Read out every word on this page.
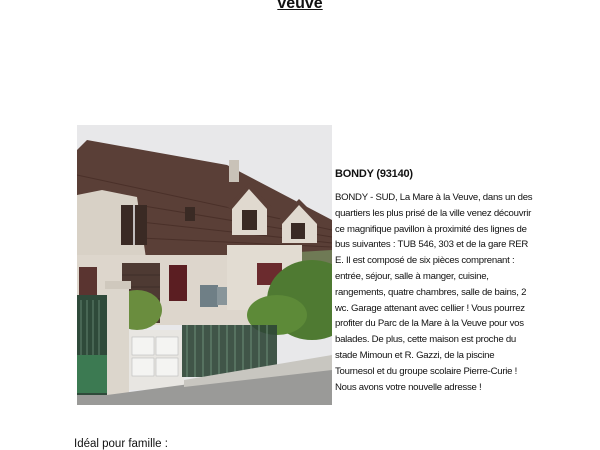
veuve
BONDY (93140)
BONDY - SUD, La Mare à la Veuve, dans un des quartiers les plus prisé de la ville venez découvrir ce magnifique pavillon à proximité des lignes de bus suivantes : TUB 546, 303 et de la gare RER E. Il est composé de six pièces comprenant : entrée, séjour, salle à manger, cuisine, rangements, quatre chambres, salle de bains, 2 wc. Garage attenant avec cellier ! Vous pourrez profiter du Parc de la Mare à la Veuve pour vos balades. De plus, cette maison est proche du stade Mimoun et R. Gazzi, de la piscine Tournesol et du groupe scolaire Pierre-Curie ! Nous avons votre nouvelle adresse !
Idéal pour famille :
